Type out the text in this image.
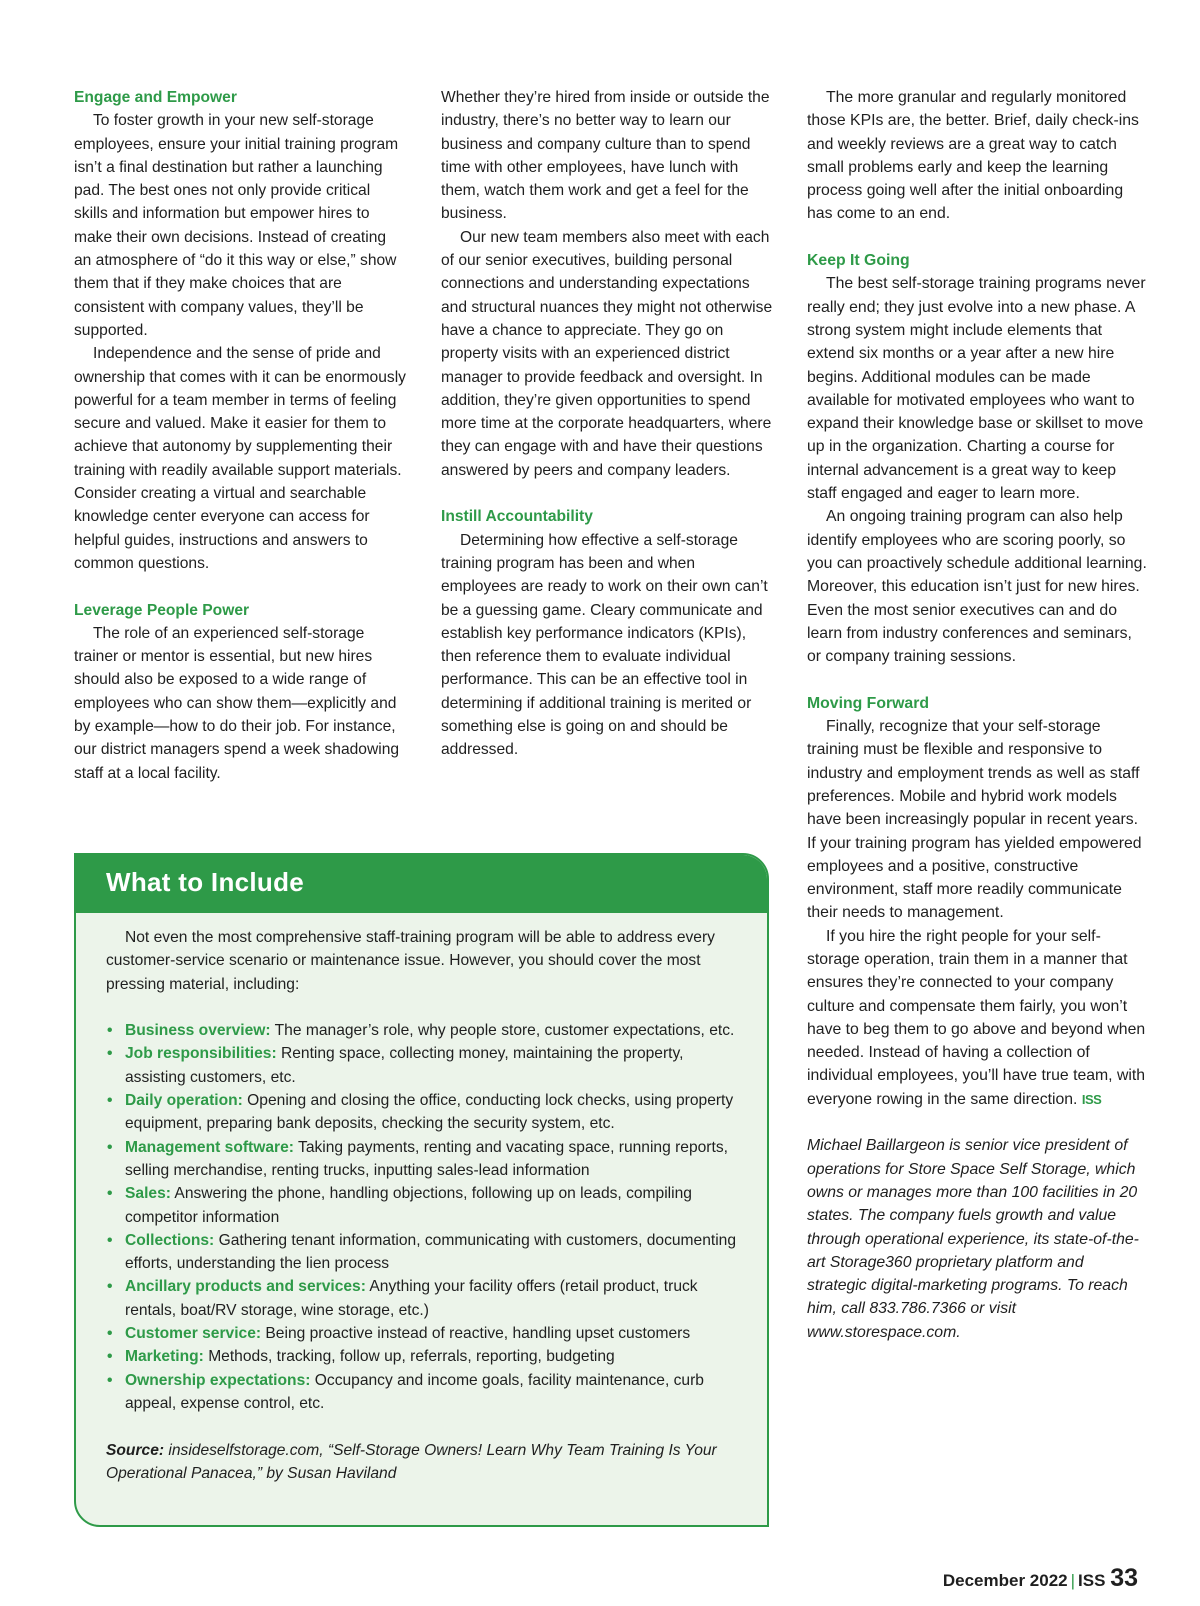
Engage and Empower

To foster growth in your new self-storage employees, ensure your initial training program isn’t a final destination but rather a launching pad. The best ones not only provide critical skills and information but empower hires to make their own decisions. Instead of creating an atmosphere of “do it this way or else,” show them that if they make choices that are consistent with company values, they’ll be supported.

Independence and the sense of pride and ownership that comes with it can be enormously powerful for a team member in terms of feeling secure and valued. Make it easier for them to achieve that autonomy by supplementing their training with readily available support materials. Consider creating a virtual and searchable knowledge center everyone can access for helpful guides, instructions and answers to common questions.

Leverage People Power

The role of an experienced self-storage trainer or mentor is essential, but new hires should also be exposed to a wide range of employees who can show them—explicitly and by example—how to do their job. For instance, our district managers spend a week shadowing staff at a local facility.

Whether they’re hired from inside or outside the industry, there’s no better way to learn our business and company culture than to spend time with other employees, have lunch with them, watch them work and get a feel for the business.

Our new team members also meet with each of our senior executives, building personal connections and understanding expectations and structural nuances they might not otherwise have a chance to appreciate. They go on property visits with an experienced district manager to provide feedback and oversight. In addition, they’re given opportunities to spend more time at the corporate headquarters, where they can engage with and have their questions answered by peers and company leaders.

Instill Accountability

Determining how effective a self-storage training program has been and when employees are ready to work on their own can’t be a guessing game. Cleary communicate and establish key performance indicators (KPIs), then reference them to evaluate individual performance. This can be an effective tool in determining if additional training is merited or something else is going on and should be addressed.

The more granular and regularly monitored those KPIs are, the better. Brief, daily check-ins and weekly reviews are a great way to catch small problems early and keep the learning process going well after the initial onboarding has come to an end.

Keep It Going

The best self-storage training programs never really end; they just evolve into a new phase. A strong system might include elements that extend six months or a year after a new hire begins. Additional modules can be made available for motivated employees who want to expand their knowledge base or skillset to move up in the organization. Charting a course for internal advancement is a great way to keep staff engaged and eager to learn more.

An ongoing training program can also help identify employees who are scoring poorly, so you can proactively schedule additional learning. Moreover, this education isn’t just for new hires. Even the most senior executives can and do learn from industry conferences and seminars, or company training sessions.

Moving Forward

Finally, recognize that your self-storage training must be flexible and responsive to industry and employment trends as well as staff preferences. Mobile and hybrid work models have been increasingly popular in recent years. If your training program has yielded empowered employees and a positive, constructive environment, staff more readily communicate their needs to management.

If you hire the right people for your self-storage operation, train them in a manner that ensures they’re connected to your company culture and compensate them fairly, you won’t have to beg them to go above and beyond when needed. Instead of having a collection of individual employees, you’ll have true team, with everyone rowing in the same direction. ISS

Michael Baillargeon is senior vice president of operations for Store Space Self Storage, which owns or manages more than 100 facilities in 20 states. The company fuels growth and value through operational experience, its state-of-the-art Storage360 proprietary platform and strategic digital-marketing programs. To reach him, call 833.786.7366 or visit www.storespace.com.

What to Include

Not even the most comprehensive staff-training program will be able to address every customer-service scenario or maintenance issue. However, you should cover the most pressing material, including:

• Business overview: The manager’s role, why people store, customer expectations, etc.
• Job responsibilities: Renting space, collecting money, maintaining the property, assisting customers, etc.
• Daily operation: Opening and closing the office, conducting lock checks, using property equipment, preparing bank deposits, checking the security system, etc.
• Management software: Taking payments, renting and vacating space, running reports, selling merchandise, renting trucks, inputting sales-lead information
• Sales: Answering the phone, handling objections, following up on leads, compiling competitor information
• Collections: Gathering tenant information, communicating with customers, documenting efforts, understanding the lien process
• Ancillary products and services: Anything your facility offers (retail product, truck rentals, boat/RV storage, wine storage, etc.)
• Customer service: Being proactive instead of reactive, handling upset customers
• Marketing: Methods, tracking, follow up, referrals, reporting, budgeting
• Ownership expectations: Occupancy and income goals, facility maintenance, curb appeal, expense control, etc.

Source: insideselfstorage.com, “Self-Storage Owners! Learn Why Team Training Is Your Operational Panacea,” by Susan Haviland

December 2022 | ISS 33
